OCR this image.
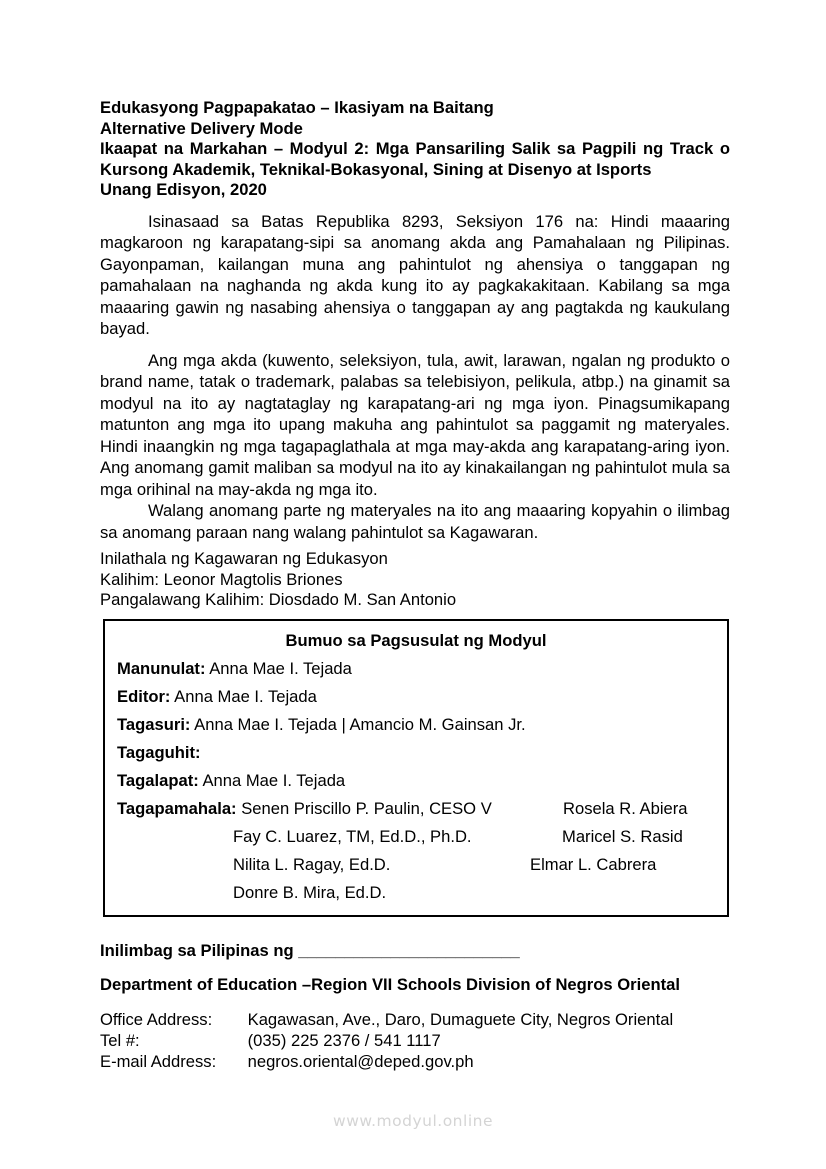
Edukasyong Pagpapakatao – Ikasiyam na Baitang
Alternative Delivery Mode
Ikaapat na Markahan – Modyul 2: Mga Pansariling Salik sa Pagpili ng Track o Kursong Akademik, Teknikal-Bokasyonal, Sining at Disenyo at Isports
Unang Edisyon, 2020
Isinasaad sa Batas Republika 8293, Seksiyon 176 na: Hindi maaaring magkaroon ng karapatang-sipi sa anomang akda ang Pamahalaan ng Pilipinas. Gayonpaman, kailangan muna ang pahintulot ng ahensiya o tanggapan ng pamahalaan na naghanda ng akda kung ito ay pagkakakitaan. Kabilang sa mga maaaring gawin ng nasabing ahensiya o tanggapan ay ang pagtakda ng kaukulang bayad.
Ang mga akda (kuwento, seleksiyon, tula, awit, larawan, ngalan ng produkto o brand name, tatak o trademark, palabas sa telebisiyon, pelikula, atbp.) na ginamit sa modyul na ito ay nagtataglay ng karapatang-ari ng mga iyon. Pinagsumikapang matunton ang mga ito upang makuha ang pahintulot sa paggamit ng materyales. Hindi inaangkin ng mga tagapaglathala at mga may-akda ang karapatang-aring iyon. Ang anomang gamit maliban sa modyul na ito ay kinakailangan ng pahintulot mula sa mga orihinal na may-akda ng mga ito.
Walang anomang parte ng materyales na ito ang maaaring kopyahin o ilimbag sa anomang paraan nang walang pahintulot sa Kagawaran.
Inilathala ng Kagawaran ng Edukasyon
Kalihim: Leonor Magtolis Briones
Pangalawang Kalihim: Diosdado M. San Antonio
Bumuo sa Pagsusulat ng Modyul
Manunulat: Anna Mae I. Tejada
Editor: Anna Mae I. Tejada
Tagasuri: Anna Mae I. Tejada | Amancio M. Gainsan Jr.
Tagaguhit:
Tagalapat: Anna Mae I. Tejada
Tagapamahala: Senen Priscillo P. Paulin, CESO V	Rosela R. Abiera
Fay C. Luarez, TM, Ed.D., Ph.D.	Maricel S. Rasid
Nilita L. Ragay, Ed.D.	Elmar L. Cabrera
Donre B. Mira, Ed.D.
Inilimbag sa Pilipinas ng ________________________
Department of Education –Region VII Schools Division of Negros Oriental
Office Address: Kagawasan, Ave., Daro, Dumaguete City, Negros Oriental
Tel #:	(035) 225 2376 / 541 1117
E-mail Address: negros.oriental@deped.gov.ph
www.modyul.online
